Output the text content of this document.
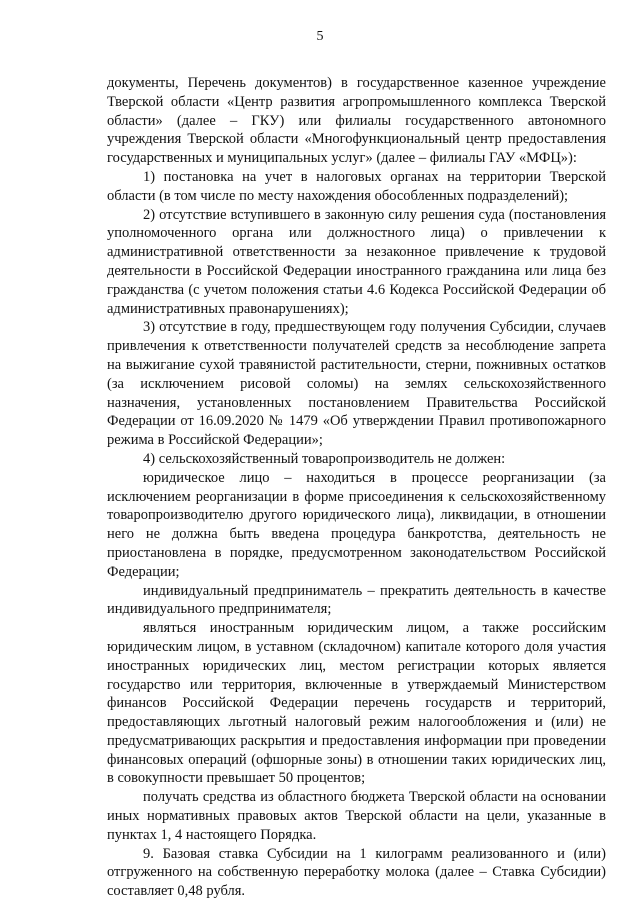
5

документы, Перечень документов) в государственное казенное учреждение Тверской области «Центр развития агропромышленного комплекса Тверской области» (далее – ГКУ) или филиалы государственного автономного учреждения Тверской области «Многофункциональный центр предоставления государственных и муниципальных услуг» (далее – филиалы ГАУ «МФЦ»):

1) постановка на учет в налоговых органах на территории Тверской области (в том числе по месту нахождения обособленных подразделений);

2) отсутствие вступившего в законную силу решения суда (постановления уполномоченного органа или должностного лица) о привлечении к административной ответственности за незаконное привлечение к трудовой деятельности в Российской Федерации иностранного гражданина или лица без гражданства (с учетом положения статьи 4.6 Кодекса Российской Федерации об административных правонарушениях);

3) отсутствие в году, предшествующем году получения Субсидии, случаев привлечения к ответственности получателей средств за несоблюдение запрета на выжигание сухой травянистой растительности, стерни, пожнивных остатков (за исключением рисовой соломы) на землях сельскохозяйственного назначения, установленных постановлением Правительства Российской Федерации от 16.09.2020 № 1479 «Об утверждении Правил противопожарного режима в Российской Федерации»;

4) сельскохозяйственный товаропроизводитель не должен:

юридическое лицо – находиться в процессе реорганизации (за исключением реорганизации в форме присоединения к сельскохозяйственному товаропроизводителю другого юридического лица), ликвидации, в отношении него не должна быть введена процедура банкротства, деятельность не приостановлена в порядке, предусмотренном законодательством Российской Федерации;

индивидуальный предприниматель – прекратить деятельность в качестве индивидуального предпринимателя;

являться иностранным юридическим лицом, а также российским юридическим лицом, в уставном (складочном) капитале которого доля участия иностранных юридических лиц, местом регистрации которых является государство или территория, включенные в утверждаемый Министерством финансов Российской Федерации перечень государств и территорий, предоставляющих льготный налоговый режим налогообложения и (или) не предусматривающих раскрытия и предоставления информации при проведении финансовых операций (офшорные зоны) в отношении таких юридических лиц, в совокупности превышает 50 процентов;

получать средства из областного бюджета Тверской области на основании иных нормативных правовых актов Тверской области на цели, указанные в пунктах 1, 4 настоящего Порядка.

9. Базовая ставка Субсидии на 1 килограмм реализованного и (или) отгруженного на собственную переработку молока (далее – Ставка Субсидии) составляет 0,48 рубля.
